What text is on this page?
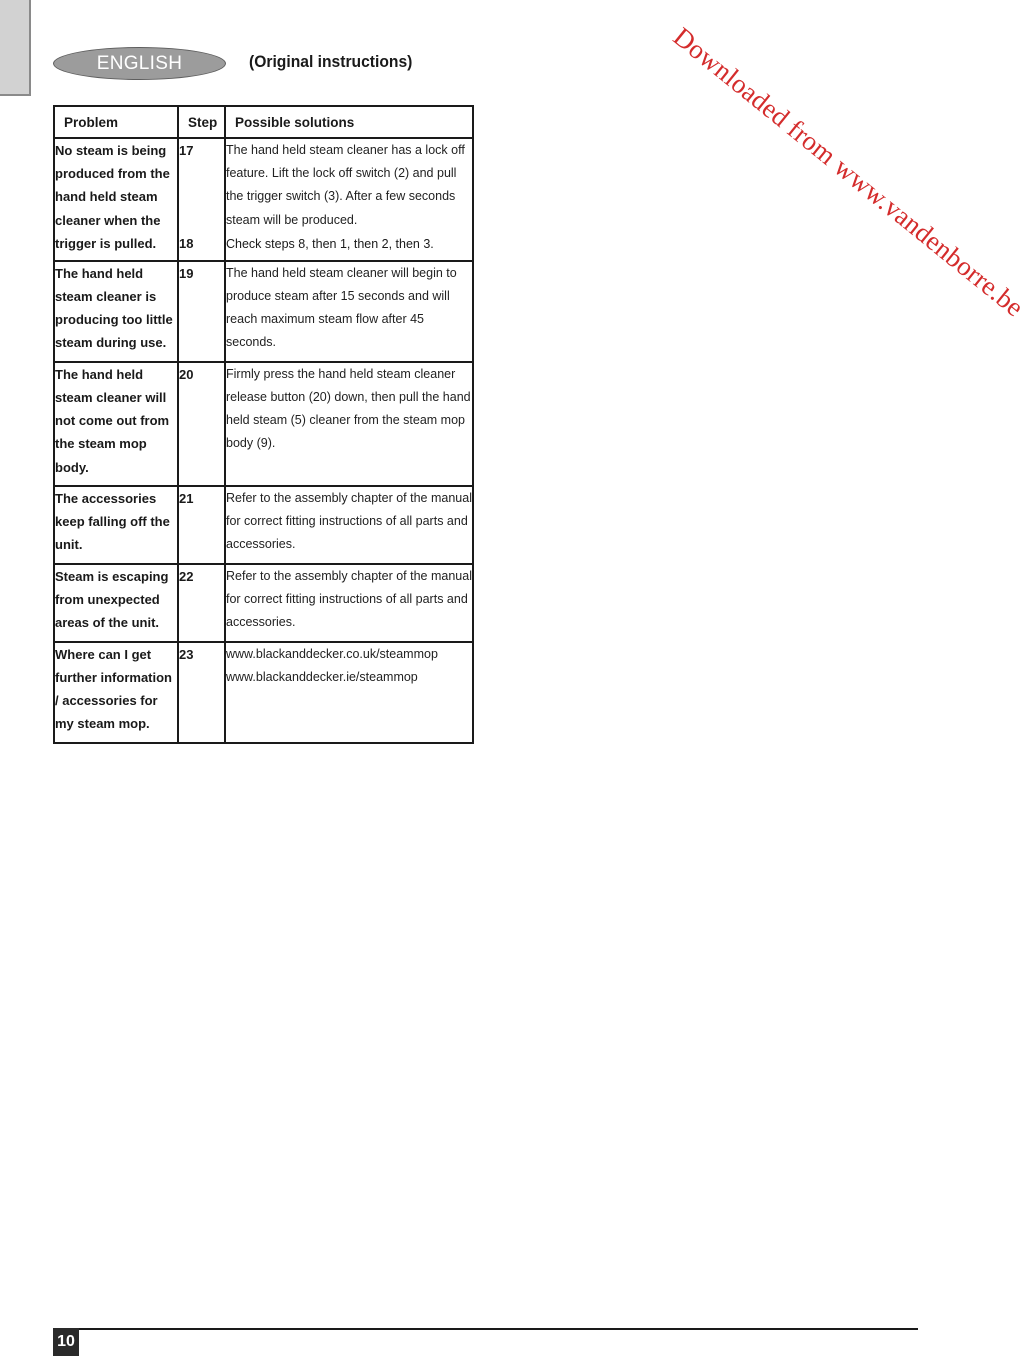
ENGLISH	(Original instructions)	Downloaded from www.vandenborre.be
Problem	Step	Possible solutions
No steam is being produced from the hand held steam cleaner when the trigger is pulled.	17	The hand held steam cleaner has a lock off feature. Lift the lock off switch (2) and pull the trigger switch (3). After a few seconds steam will be produced.
	18	Check steps 8, then 1, then 2, then 3.
The hand held steam cleaner is producing too little steam during use.	19	The hand held steam cleaner will begin to produce steam after 15 seconds and will reach maximum steam flow after 45 seconds.
The hand held steam cleaner will not come out from the steam mop body.	20	Firmly press the hand held steam cleaner release button (20) down, then pull the hand held steam (5) cleaner from the steam mop body (9).
The accessories keep falling off the unit.	21	Refer to the assembly chapter of the manual for correct fitting instructions of all parts and accessories.
Steam is escaping from unexpected areas of the unit.	22	Refer to the assembly chapter of the manual for correct fitting instructions of all parts and accessories.
Where can I get further information / accessories for my steam mop.	23	www.blackanddecker.co.uk/steammop
www.blackanddecker.ie/steammop
10
